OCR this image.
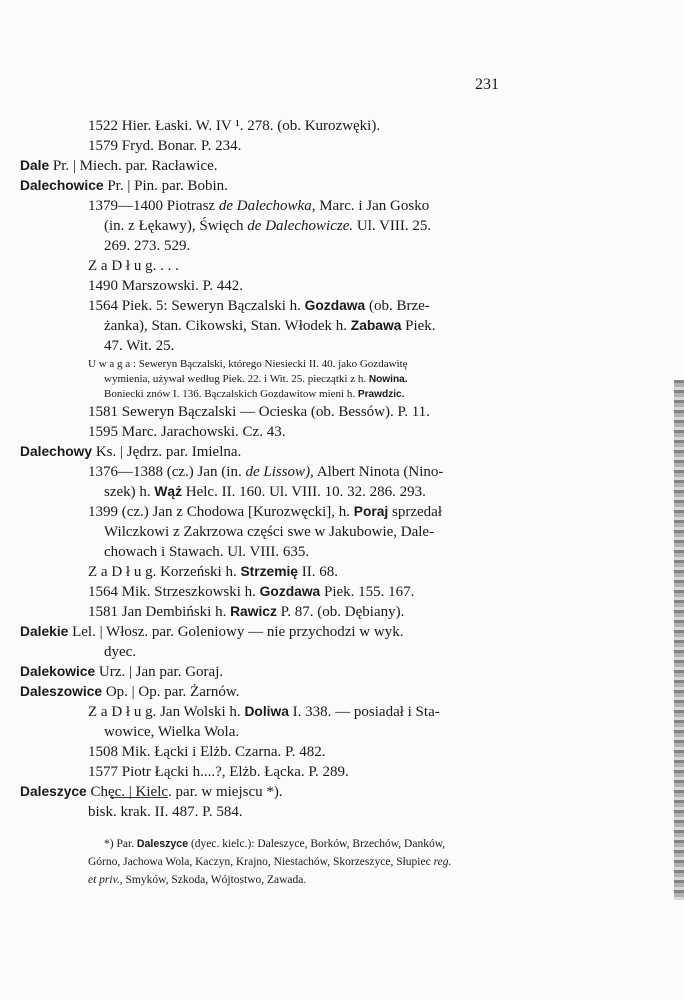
231
1522 Hier. Łaski. W. IV ¹. 278. (ob. Kurozwęki).
1579 Fryd. Bonar. P. 234.
Dale Pr. | Miech. par. Racławice.
Dalechowice Pr. | Pin. par. Bobin.
1379—1400 Piotrasz de Dalechowka, Marc. i Jan Gosko
(in. z Łękawy), Święch de Dalechowicze. Ul. VIII. 25.
269. 273. 529.
Z a D ł u g. . . .
1490 Marszowski. P. 442.
1564 Piek. 5: Seweryn Bączalski h. Gozdawa (ob. Brze-
żanka), Stan. Cikowski, Stan. Włodek h. Zabawa Piek.
47. Wit. 25.
U w a g a : Seweryn Bączalski, którego Niesiecki II. 40. jako Gozdawitę
wymienia, używał według Piek. 22. i Wit. 25. pieczątki z h. Nowina.
Boniecki znów I. 136. Bączalskich Gozdawitow mieni h. Prawdzic.
1581 Seweryn Bączalski — Ocieska (ob. Bessów). P. 11.
1595 Marc. Jarachowski. Cz. 43.
Dalechowy Ks. | Jędrz. par. Imielna.
1376—1388 (cz.) Jan (in. de Lissow), Albert Ninota (Nino-
szek) h. Wąż Helc. II. 160. Ul. VIII. 10. 32. 286. 293.
1399 (cz.) Jan z Chodowa [Kurozwęcki], h. Poraj sprzedał
Wilczkowi z Zakrzowa części swe w Jakubowie, Dale-
chowach i Stawach. Ul. VIII. 635.
Z a D ł u g. Korzeński h. Strzemię II. 68.
1564 Mik. Strzeszkowski h. Gozdawa Piek. 155. 167.
1581 Jan Dembiński h. Rawicz P. 87. (ob. Dębiany).
Dalekie Lel. | Włosz. par. Goleniowy — nie przychodzi w wyk.
dyec.
Dalekowice Urz. | Jan par. Goraj.
Daleszowice Op. | Op. par. Żarnów.
Z a D ł u g. Jan Wolski h. Doliwa I. 338. — posiadał i Sta-
wowice, Wielka Wola.
1508 Mik. Łącki i Elżb. Czarna. P. 482.
1577 Piotr Łącki h....?, Elżb. Łącka. P. 289.
Daleszyce Chęc. | Kielc. par. w miejscu *).
bisk. krak. II. 487. P. 584.
*) Par. Daleszyce (dyec. kielc.): Daleszyce, Borków, Brzechów, Danków,
Górno, Jachowa Wola, Kaczyn, Krajno, Niestachów, Skorzeszyce, Słupiec reg.
et priv., Smyków, Szkoda, Wójtostwo, Zawada.
